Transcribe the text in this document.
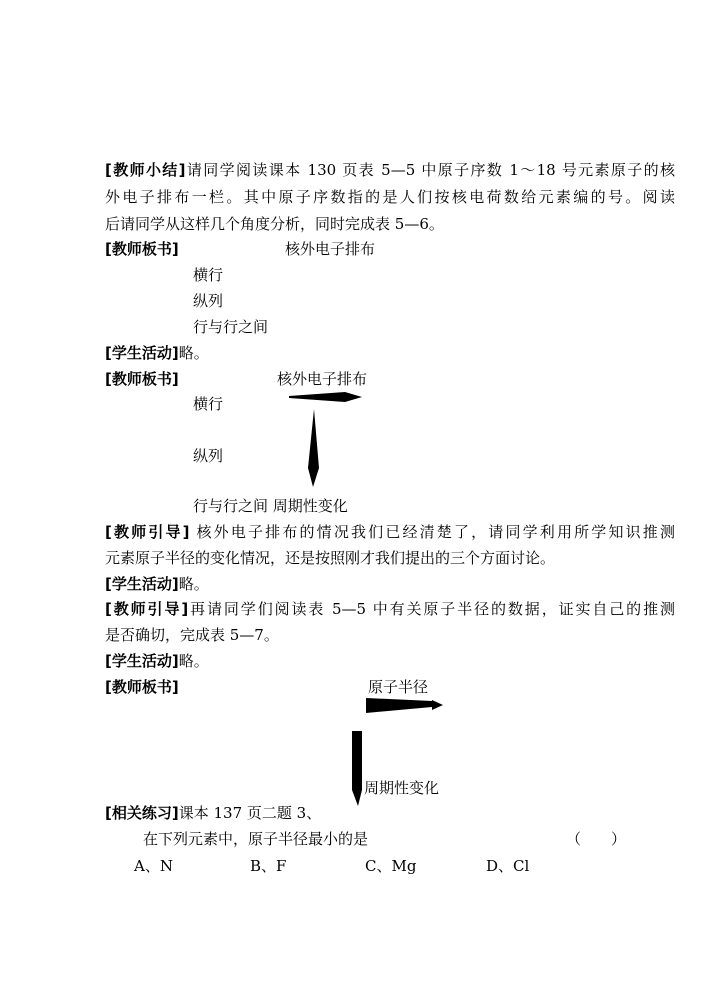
[教师小结]请同学阅读课本 130 页表 5—5 中原子序数 1～18 号元素原子的核
外电子排布一栏。其中原子序数指的是人们按核电荷数给元素编的号。阅读
后请同学从这样几个角度分析，同时完成表 5—6。
[教师板书]	核外电子排布
横行
纵列
行与行之间
[学生活动]略。
[教师板书]	核外电子排布
横行
纵列
行与行之间 周期性变化
[教师引导] 核外电子排布的情况我们已经清楚了，请同学利用所学知识推测
元素原子半径的变化情况，还是按照刚才我们提出的三个方面讨论。
[学生活动]略。
[教师引导]再请同学们阅读表 5—5 中有关原子半径的数据，证实自己的推测
是否确切，完成表 5—7。
[学生活动]略。
[教师板书]	原子半径
周期性变化
[相关练习]课本 137 页二题 3、
在下列元素中，原子半径最小的是	（　　）
A、N	B、F	C、Mg	D、Cl
